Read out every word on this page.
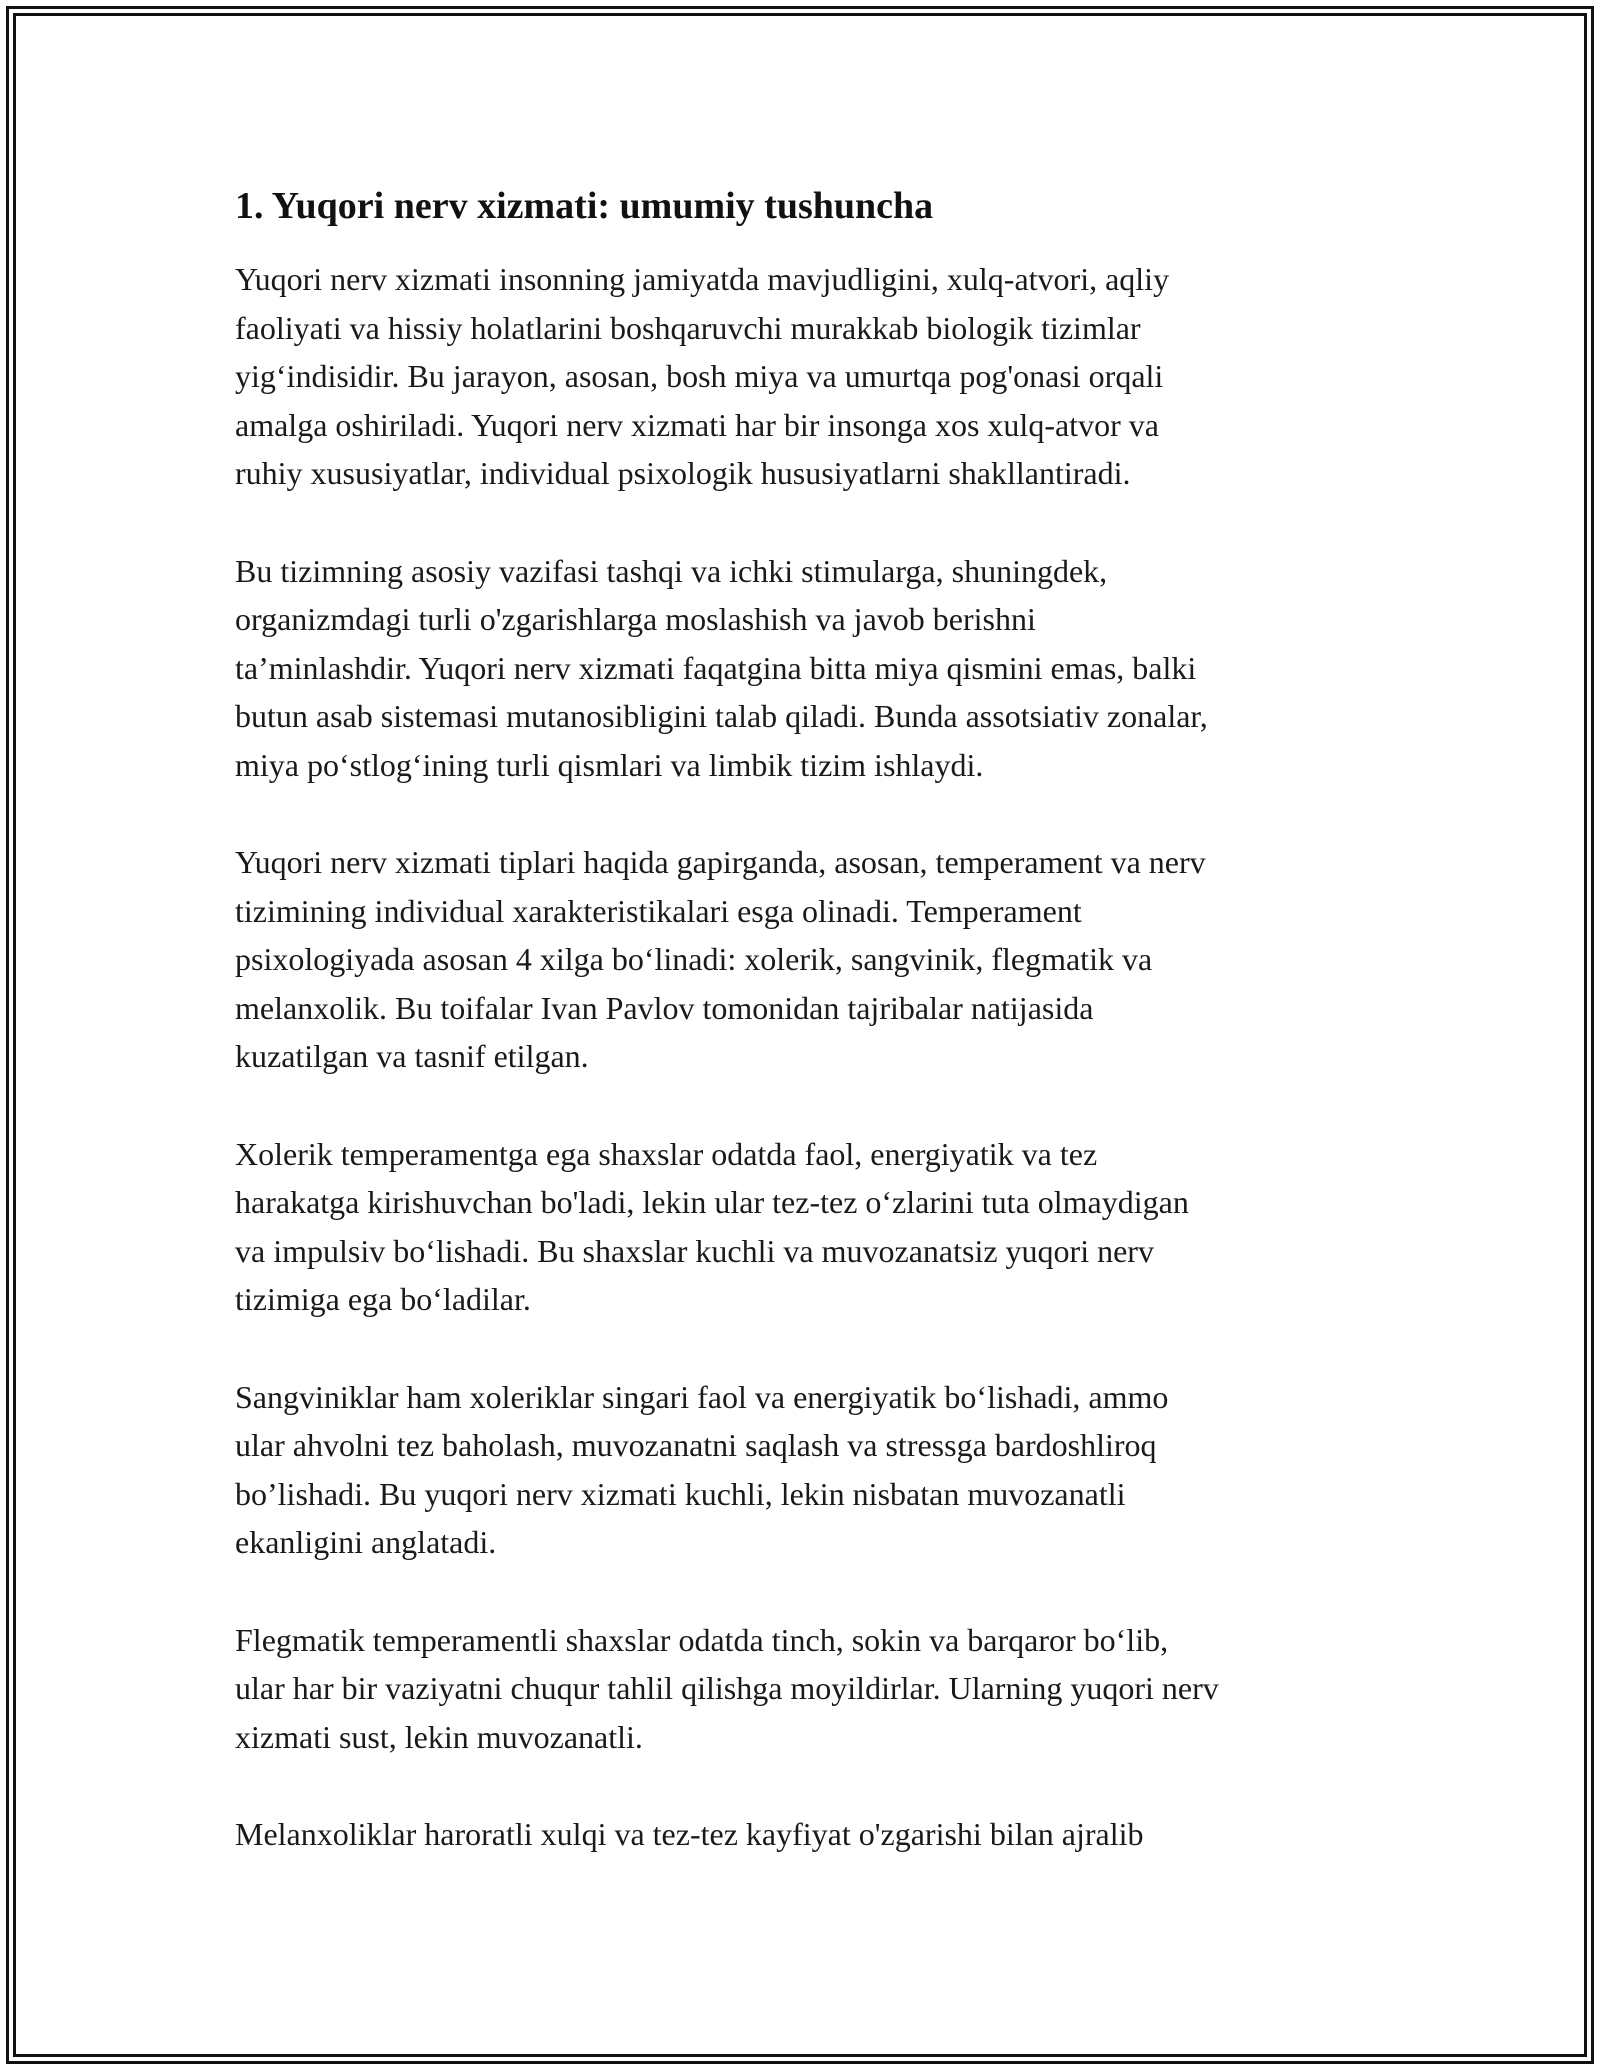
1. Yuqori nerv xizmati: umumiy tushuncha

Yuqori nerv xizmati insonning jamiyatda mavjudligini, xulq-atvori, aqliy
faoliyati va hissiy holatlarini boshqaruvchi murakkab biologik tizimlar
yig‘indisidir. Bu jarayon, asosan, bosh miya va umurtqa pog'onasi orqali
amalga oshiriladi. Yuqori nerv xizmati har bir insonga xos xulq-atvor va
ruhiy xususiyatlar, individual psixologik hususiyatlarni shakllantiradi.

Bu tizimning asosiy vazifasi tashqi va ichki stimularga, shuningdek,
organizmdagi turli o'zgarishlarga moslashish va javob berishni
ta’minlashdir. Yuqori nerv xizmati faqatgina bitta miya qismini emas, balki
butun asab sistemasi mutanosibligini talab qiladi. Bunda assotsiativ zonalar,
miya po‘stlog‘ining turli qismlari va limbik tizim ishlaydi.

Yuqori nerv xizmati tiplari haqida gapirganda, asosan, temperament va nerv
tizimining individual xarakteristikalari esga olinadi. Temperament
psixologiyada asosan 4 xilga bo‘linadi: xolerik, sangvinik, flegmatik va
melanxolik. Bu toifalar Ivan Pavlov tomonidan tajribalar natijasida
kuzatilgan va tasnif etilgan.

Xolerik temperamentga ega shaxslar odatda faol, energiyatik va tez
harakatga kirishuvchan bo'ladi, lekin ular tez-tez o‘zlarini tuta olmaydigan
va impulsiv bo‘lishadi. Bu shaxslar kuchli va muvozanatsiz yuqori nerv
tizimiga ega bo‘ladilar.

Sangviniklar ham xoleriklar singari faol va energiyatik bo‘lishadi, ammo
ular ahvolni tez baholash, muvozanatni saqlash va stressga bardoshliroq
bo’lishadi. Bu yuqori nerv xizmati kuchli, lekin nisbatan muvozanatli
ekanligini anglatadi.

Flegmatik temperamentli shaxslar odatda tinch, sokin va barqaror bo‘lib,
ular har bir vaziyatni chuqur tahlil qilishga moyildirlar. Ularning yuqori nerv
xizmati sust, lekin muvozanatli.

Melanxoliklar haroratli xulqi va tez-tez kayfiyat o'zgarishi bilan ajralib
